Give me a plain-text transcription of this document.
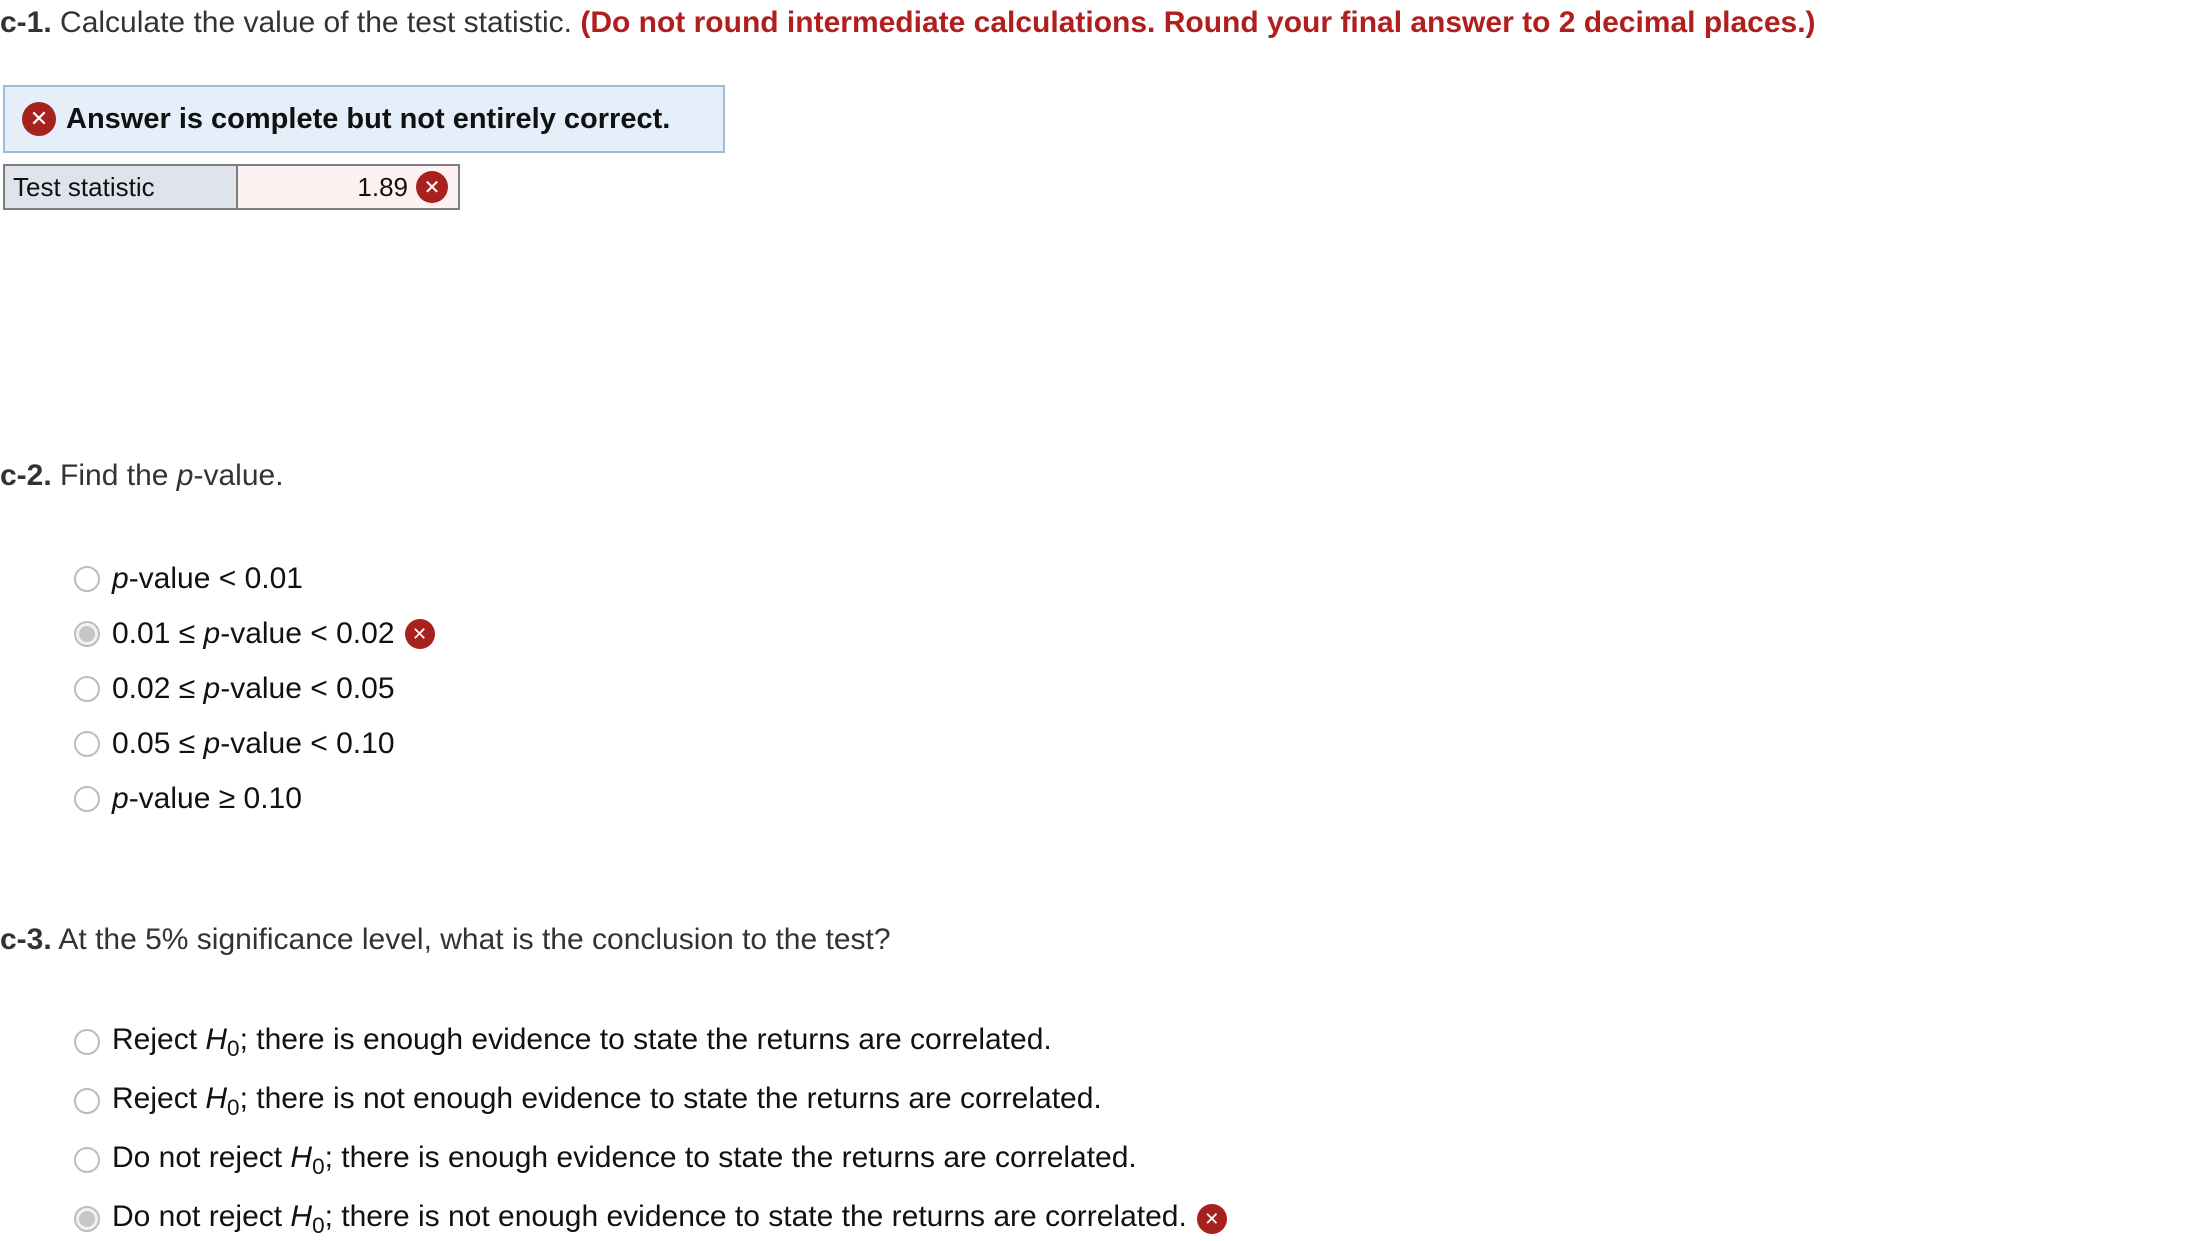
c-1. Calculate the value of the test statistic. (Do not round intermediate calculations. Round your final answer to 2 decimal places.)
✕ Answer is complete but not entirely correct.
Test statistic	1.89 ✕
c-2. Find the p-value.
p-value < 0.01
0.01 ≤ p-value < 0.02 ✕
0.02 ≤ p-value < 0.05
0.05 ≤ p-value < 0.10
p-value ≥ 0.10
c-3. At the 5% significance level, what is the conclusion to the test?
Reject $H_0$; there is enough evidence to state the returns are correlated.
Reject $H_0$; there is not enough evidence to state the returns are correlated.
Do not reject $H_0$; there is enough evidence to state the returns are correlated.
Do not reject $H_0$; there is not enough evidence to state the returns are correlated. ✕
